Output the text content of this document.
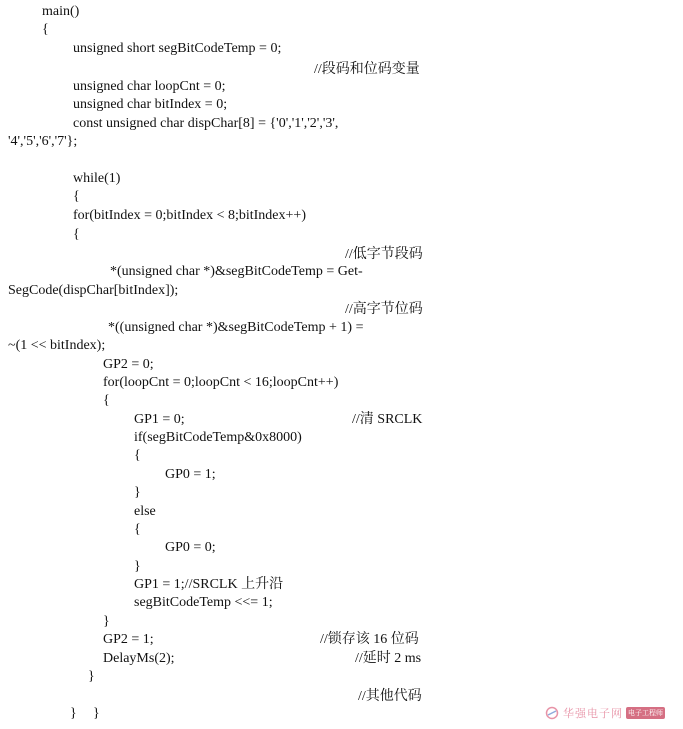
main()
{
unsigned short segBitCodeTemp = 0;
//段码和位码变量
unsigned char loopCnt = 0;
unsigned char bitIndex = 0;
const unsigned char dispChar[8] = {'0','1','2','3',
'4','5','6','7'};
while(1)
{
for(bitIndex = 0;bitIndex < 8;bitIndex++)
{
//低字节段码
*(unsigned char *)&segBitCodeTemp = Get-
SegCode(dispChar[bitIndex]);
//高字节位码
*((unsigned char *)&segBitCodeTemp + 1) =
~(1 << bitIndex);
GP2 = 0;
for(loopCnt = 0;loopCnt < 16;loopCnt++)
{
GP1 = 0;	//清 SRCLK
if(segBitCodeTemp&0x8000)
{
GP0 = 1;
}
else
{
GP0 = 0;
}
GP1 = 1;//SRCLK 上升沿
segBitCodeTemp <<= 1;
}
GP2 = 1;	//锁存该 16 位码
DelayMs(2);	//延时 2 ms
}
//其他代码
} }	华强电子网 电子工程师
